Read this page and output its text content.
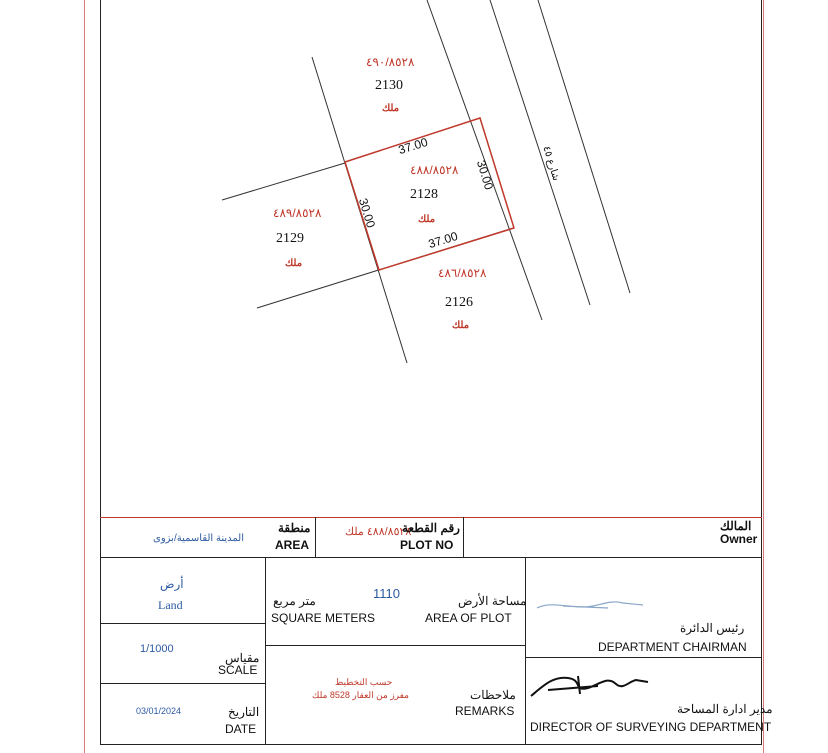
٤٩٠/٨٥٢٨
2130
ملك
٤٨٨/٨٥٢٨
2128
ملك
٤٨٩/٨٥٢٨
2129
ملك
٤٨٦/٨٥٢٨
2126
ملك
37.00
37.00
30.00
30.00
شارع ٤٥
المالك
Owner
٤٨٨/٨٥٢٨ ملك
رقم القطعة
PLOT NO
المدينة القاسمية/بزوى
منطقة
AREA
أرض
Land
1/1000
مقياس
SCALE
03/01/2024	التاريخ
DATE
1110
متر مربع
SQUARE METERS
مساحة الأرض
AREA OF PLOT
حسب التخطيط
مفرز من العقار 8528 ملك	ملاحظات
REMARKS
رئيس الدائرة
DEPARTMENT CHAIRMAN
مدير ادارة المساحة
DIRECTOR OF SURVEYING DEPARTMENT
